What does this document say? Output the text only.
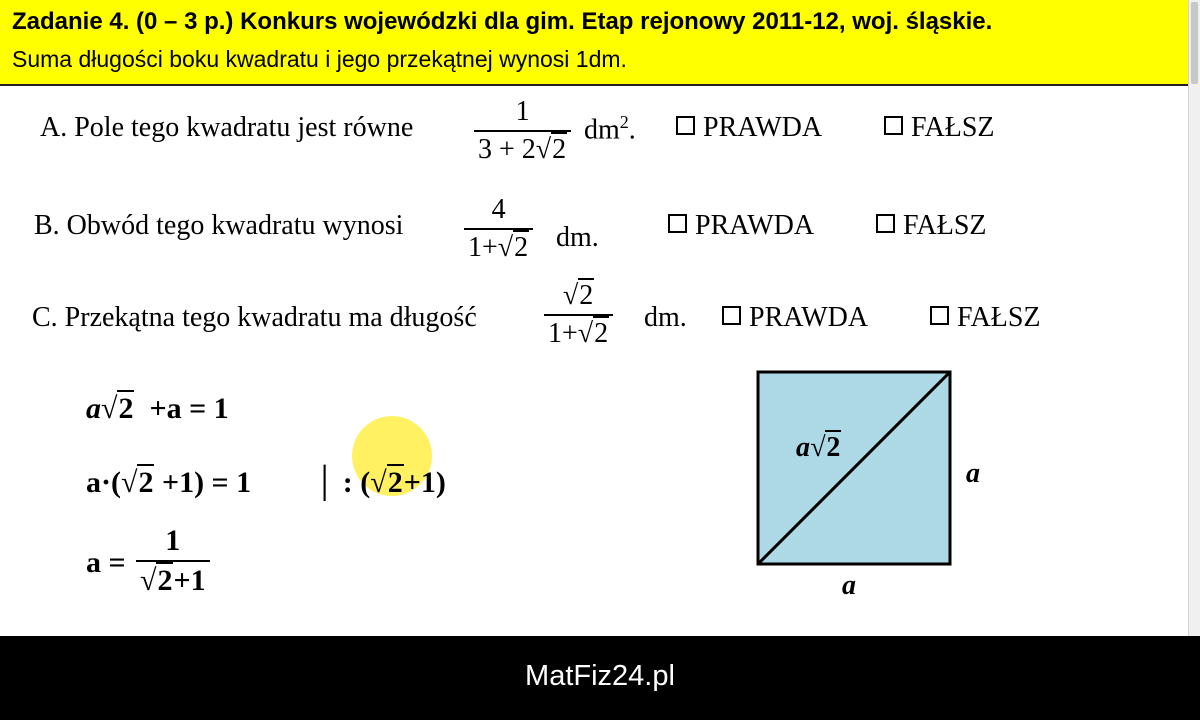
Zadanie 4. (0 – 3 p.) Konkurs wojewódzki dla gim. Etap rejonowy 2011-12, woj. śląskie.
Suma długości boku kwadratu i jego przekątnej wynosi 1dm.
A. Pole tego kwadratu jest równe
1
3 + 2√2
$dm^2$.	PRAWDA	FAŁSZ
B. Obwód tego kwadratu wynosi
4
1+√2 dm.	PRAWDA	FAŁSZ
C. Przekątna tego kwadratu ma długość
√2
1+√2
dm.	PRAWDA	FAŁSZ
a√2 +a = 1
a·(√2 +1) = 1 │ : (√2+1)
a =
1
√2+1
a√2
a
a
MatFiz24.pl
